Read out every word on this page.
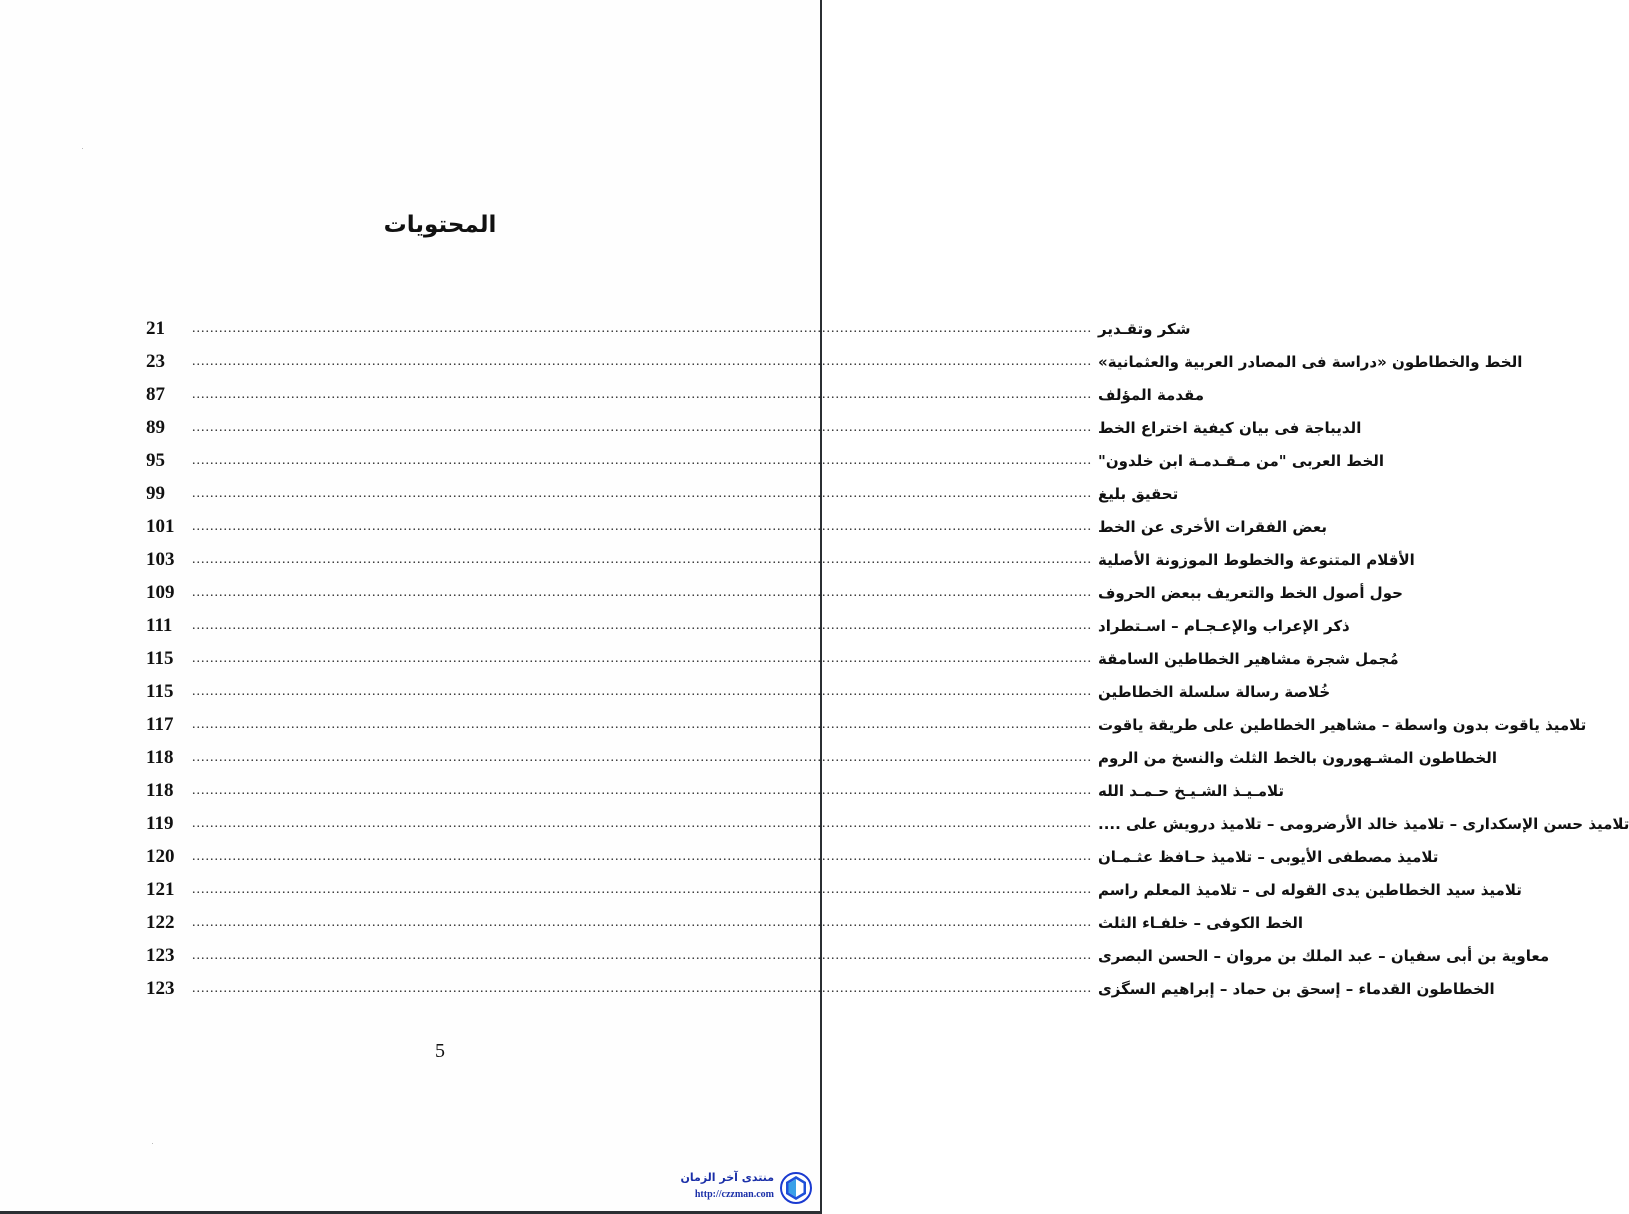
المحتويات
21	........................................................................................................................................................................................................ شكر وتقـدير
23	........................................................................................................................................................................................................ الخط والخطاطون «دراسة فى المصادر العربية والعثمانية»
87	........................................................................................................................................................................................................ مقدمة المؤلف
89	........................................................................................................................................................................................................ الديباجة فى بيان كيفية اختراع الخط
95	........................................................................................................................................................................................................ الخط العربى "من مـقـدمـة ابن خلدون"
99	........................................................................................................................................................................................................ تحقيق بليغ
101	........................................................................................................................................................................................................ بعض الفقرات الأخرى عن الخط
103	........................................................................................................................................................................................................ الأقلام المتنوعة والخطوط الموزونة الأصلية
109	........................................................................................................................................................................................................ حول أصول الخط والتعريف ببعض الحروف
111	........................................................................................................................................................................................................ ذكر الإعراب والإعـجـام – اسـتطراد
115	........................................................................................................................................................................................................ مُجمل شجرة مشاهير الخطاطين السامقة
115	........................................................................................................................................................................................................ خُلاصة رسالة سلسلة الخطاطين
117	........................................................................................................................................................................................................ تلاميذ ياقوت بدون واسطة – مشاهير الخطاطين على طريقة ياقوت
118	........................................................................................................................................................................................................ الخطاطون المشـهورون بالخط الثلث والنسخ من الروم
118	........................................................................................................................................................................................................ تلامـيـذ الشـيـخ حـمـد الله
119	........................................................................................................................................................................................................ تلاميذ حسن الإسكدارى – تلاميذ خالد الأرضرومى – تلاميذ درويش على ....
120	........................................................................................................................................................................................................ تلاميذ مصطفى الأيوبى – تلاميذ حـافظ عثـمـان
121	........................................................................................................................................................................................................ تلاميذ سيد الخطاطين يدى القوله لى – تلاميذ المعلم راسم
122	........................................................................................................................................................................................................ الخط الكوفى – خلفـاء الثلث
123	........................................................................................................................................................................................................ معاوية بن أبى سفيان – عبد الملك بن مروان – الحسن البصرى
123	........................................................................................................................................................................................................ الخطاطون القدماء – إسحق بن حماد – إبراهيم السگزى
5
منتدى آخر الزمان
http://czzman.com
